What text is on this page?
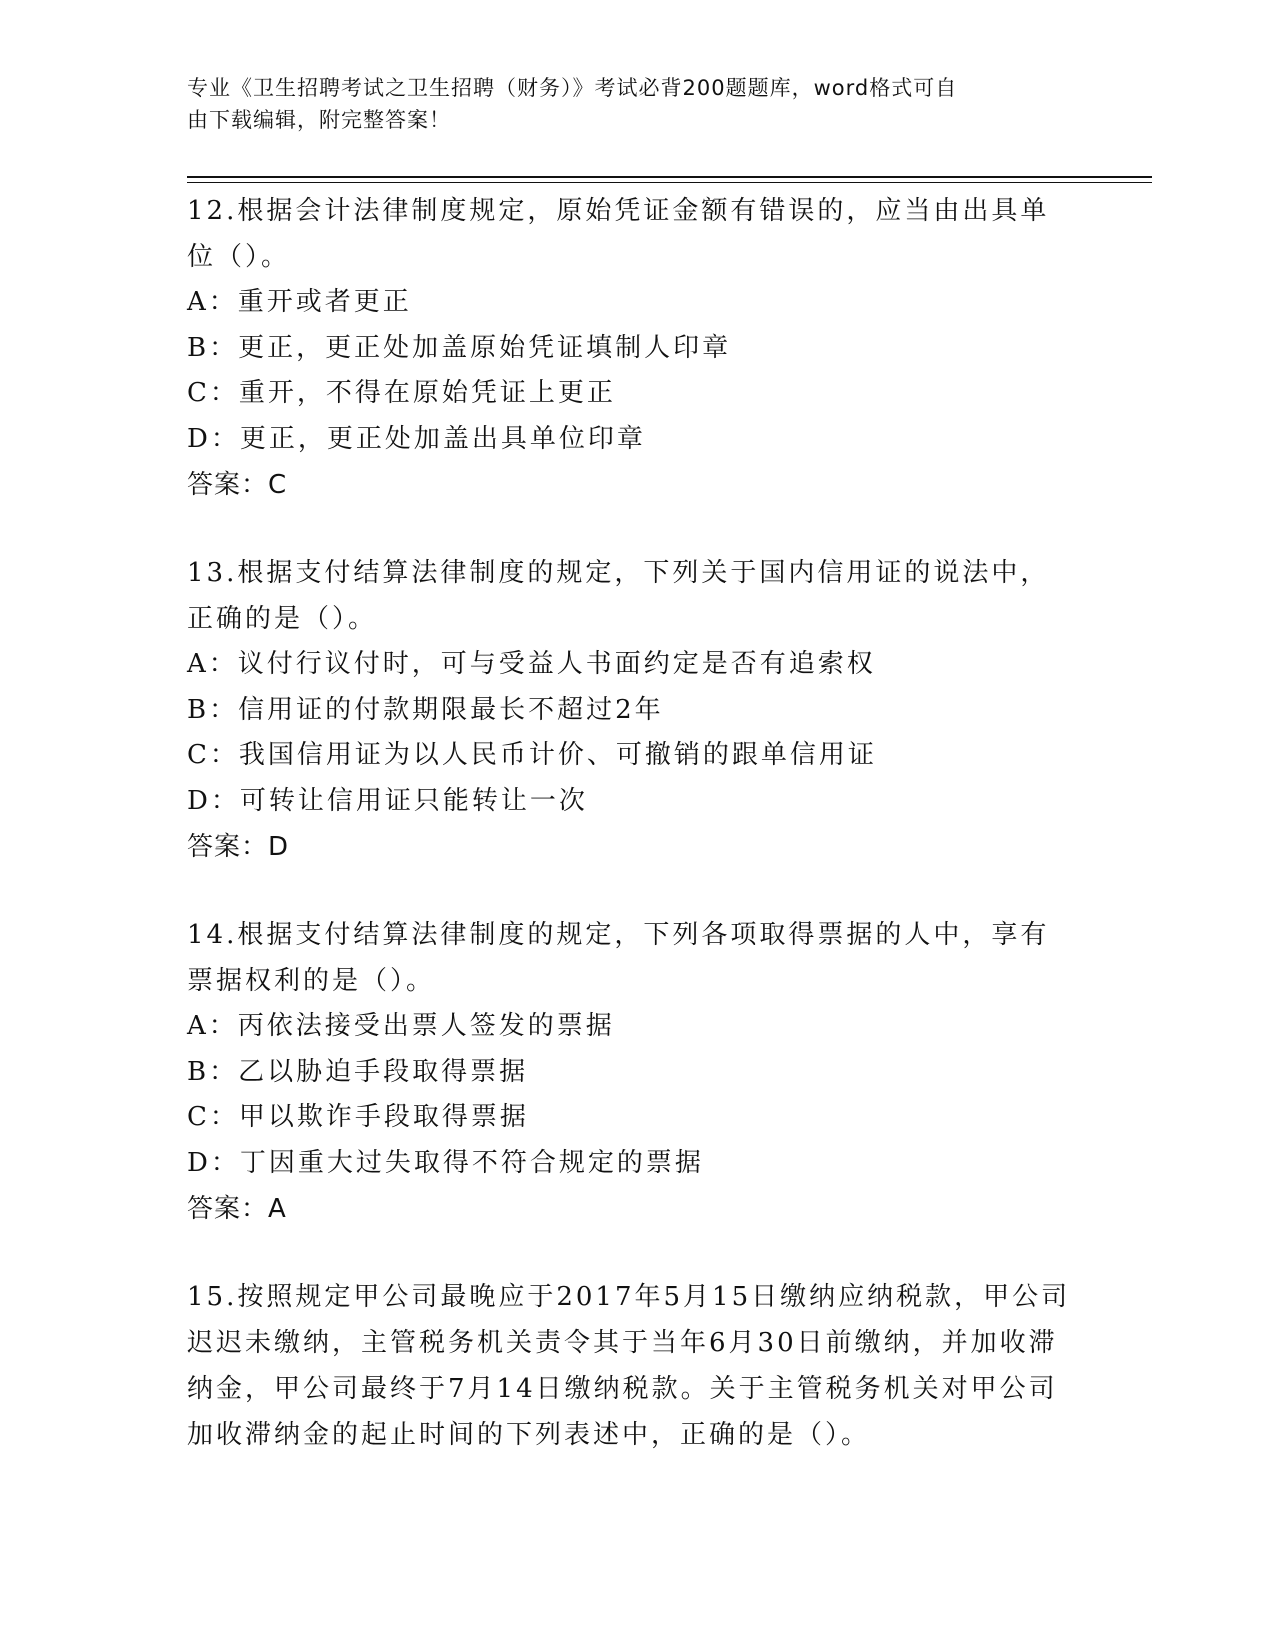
专业《卫生招聘考试之卫生招聘（财务）》考试必背200题题库，word格式可自
由下载编辑，附完整答案！

12.根据会计法律制度规定，原始凭证金额有错误的，应当由出具单位（）。

A：重开或者更正

B：更正，更正处加盖原始凭证填制人印章

C：重开，不得在原始凭证上更正

D：更正，更正处加盖出具单位印章

答案：C

13.根据支付结算法律制度的规定，下列关于国内信用证的说法中，正确的是（）。

A：议付行议付时，可与受益人书面约定是否有追索权

B：信用证的付款期限最长不超过2年

C：我国信用证为以人民币计价、可撤销的跟单信用证

D：可转让信用证只能转让一次

答案：D

14.根据支付结算法律制度的规定，下列各项取得票据的人中，享有票据权利的是（）。

A：丙依法接受出票人签发的票据

B：乙以胁迫手段取得票据

C：甲以欺诈手段取得票据

D：丁因重大过失取得不符合规定的票据

答案：A

15.按照规定甲公司最晚应于2017年5月15日缴纳应纳税款，甲公司迟迟未缴纳，主管税务机关责令其于当年6月30日前缴纳，并加收滞纳金，甲公司最终于7月14日缴纳税款。关于主管税务机关对甲公司加收滞纳金的起止时间的下列表述中，正确的是（）。
